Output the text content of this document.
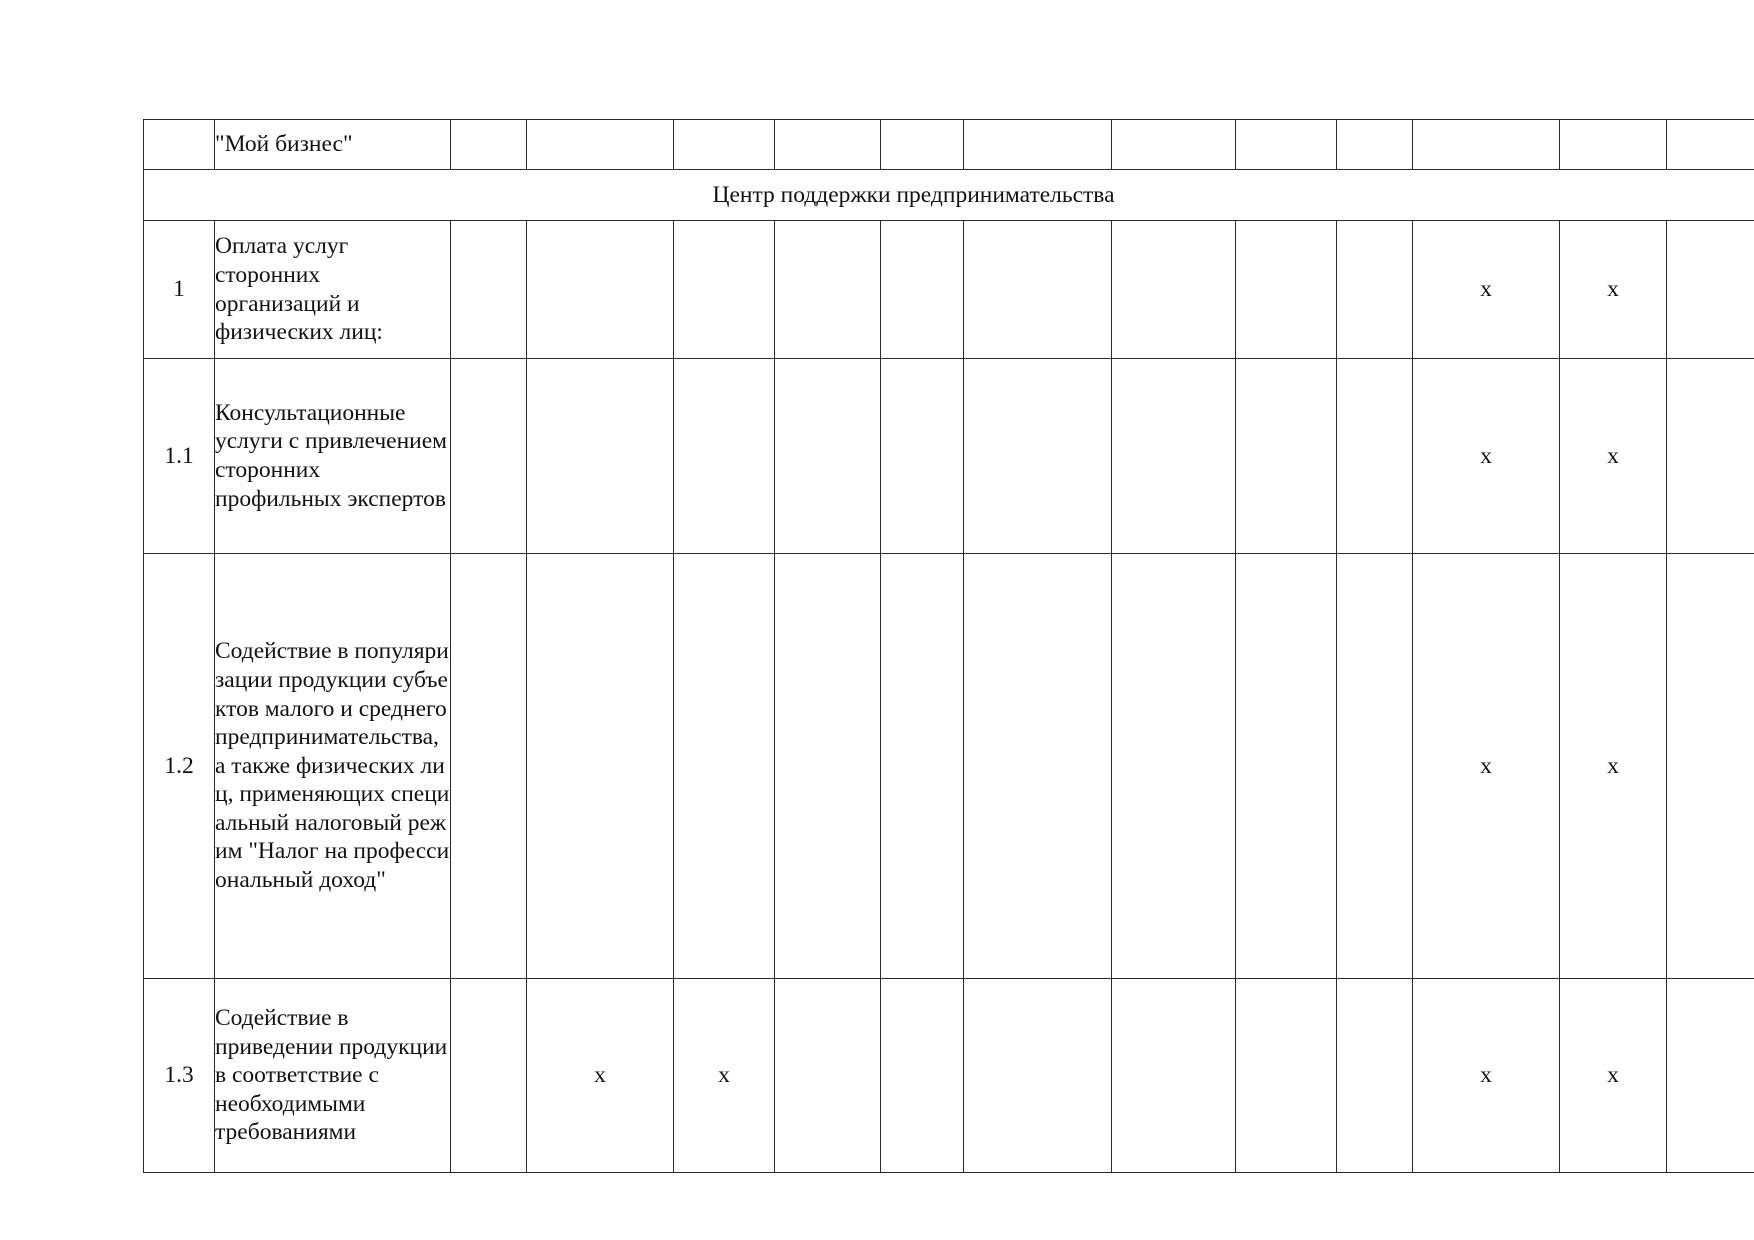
	"Мой бизнес"												
Центр поддержки предпринимательства													
1	Оплата услуг сторонних организаций и физических лиц:										x	x	
1.1	Консультационные услуги с привлечением сторонних профильных экспертов										x	x	
1.2	Содействие в популяризации продукции субъектов малого и среднего предпринимательства, а также физических лиц, применяющих специальный налоговый режим "Налог на профессиональный доход"										x	x	
1.3	Содействие в приведении продукции в соответствие с необходимыми требованиями		x	x							x	x	
